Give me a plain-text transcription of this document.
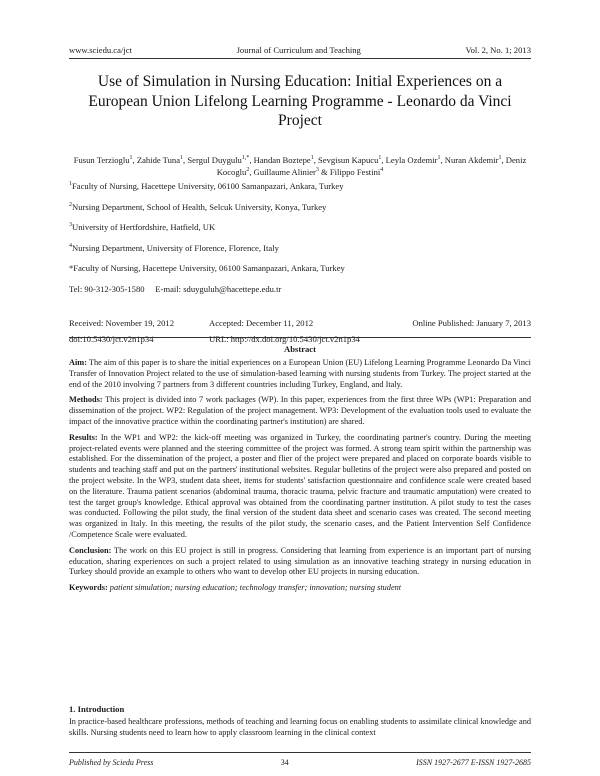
www.sciedu.ca/jct	Journal of Curriculum and Teaching	Vol. 2, No. 1; 2013
Use of Simulation in Nursing Education: Initial Experiences on a European Union Lifelong Learning Programme - Leonardo da Vinci Project
Fusun Terzioglu$^1$, Zahide Tuna$^1$, Sergul Duygulu$^{1,*}$, Handan Boztepe$^1$, Sevgisun Kapucu$^1$, Leyla Ozdemir$^1$, Nuran Akdemir$^1$, Deniz Kocoglu$^2$, Guillaume Alinier$^3$ & Filippo Festini$^4$
$^1$Faculty of Nursing, Hacettepe University, 06100 Samanpazari, Ankara, Turkey
$^2$Nursing Department, School of Health, Selcuk University, Konya, Turkey
$^3$University of Hertfordshire, Hatfield, UK
$^4$Nursing Department, University of Florence, Florence, Italy
*Faculty of Nursing, Hacettepe University, 06100 Samanpazari, Ankara, Turkey
Tel: 90-312-305-1580     E-mail: sduyguluh@hacettepe.edu.tr
Received: November 19, 2012	Accepted: December 11, 2012	Online Published: January 7, 2013
doi:10.5430/jct.v2n1p34	URL: http://dx.doi.org/10.5430/jct.v2n1p34
Abstract

Aim: The aim of this paper is to share the initial experiences on a European Union (EU) Lifelong Learning Programme Leonardo Da Vinci Transfer of Innovation Project related to the use of simulation-based learning with nursing students from Turkey. The project started at the end of the 2010 involving 7 partners from 3 different countries including Turkey, England, and Italy.

Methods: This project is divided into 7 work packages (WP). In this paper, experiences from the first three WPs (WP1: Preparation and dissemination of the project. WP2: Regulation of the project management. WP3: Development of the evaluation tools used to evaluate the impact of the innovative practice within the coordinating partner's institution) are shared.

Results: In the WP1 and WP2: the kick-off meeting was organized in Turkey, the coordinating partner's country. During the meeting project-related events were planned and the steering committee of the project was formed. A strong team spirit within the partnership was established. For the dissemination of the project, a poster and flier of the project were prepared and placed on corporate boards visible to students and teaching staff and put on the partners' institutional websites. Regular bulletins of the project were also prepared and posted on the project website. In the WP3, student data sheet, items for students' satisfaction questionnaire and confidence scale were created based on the literature. Trauma patient scenarios (abdominal trauma, thoracic trauma, pelvic fracture and traumatic amputation) were created to test the target group's knowledge. Ethical approval was obtained from the coordinating partner institution. A pilot study to test the cases was conducted. Following the pilot study, the final version of the student data sheet and scenario cases was created. The second meeting was organized in Italy. In this meeting, the results of the pilot study, the scenario cases, and the Patient Intervention Self Confidence /Competence Scale were evaluated.

Conclusion: The work on this EU project is still in progress. Considering that learning from experience is an important part of nursing education, sharing experiences on such a project related to using simulation as an innovative teaching strategy in nursing education in Turkey should provide an example to others who want to develop other EU projects in nursing education.

Keywords: patient simulation; nursing education; technology transfer; innovation; nursing student

1. Introduction
In practice-based healthcare professions, methods of teaching and learning focus on enabling students to assimilate clinical knowledge and skills. Nursing students need to learn how to apply classroom learning in the clinical context
Published by Sciedu Press	34	ISSN 1927-2677 E-ISSN 1927-2685
